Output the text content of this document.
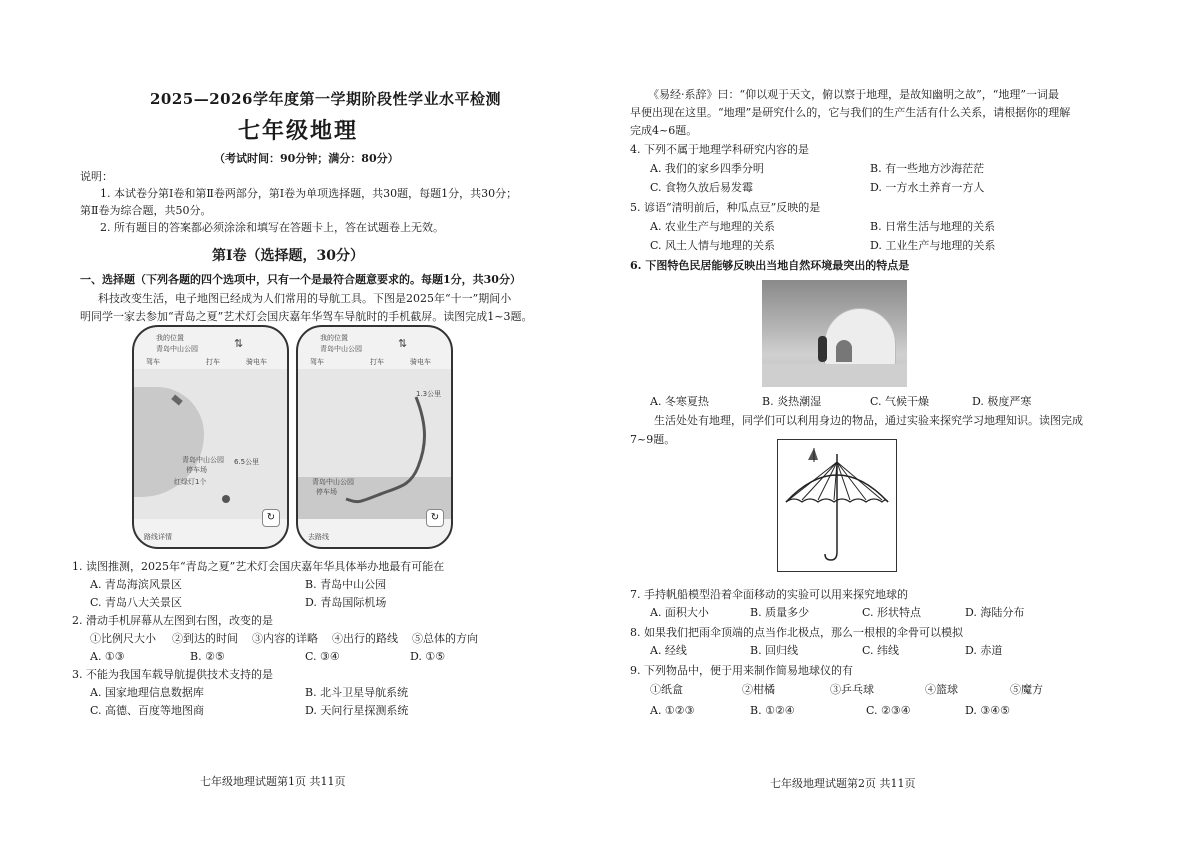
2025—2026学年度第一学期阶段性学业水平检测
七年级地理
（考试时间：90分钟；满分：80分）
说明：
1. 本试卷分第Ⅰ卷和第Ⅱ卷两部分，第Ⅰ卷为单项选择题，共30题，每题1分，共30分；
第Ⅱ卷为综合题，共50分。
2. 所有题目的答案都必须涂涂和填写在答题卡上，答在试题卷上无效。
第Ⅰ卷（选择题，30分）
一、选择题（下列各题的四个选项中，只有一个是最符合题意要求的。每题1分，共30分）
科技改变生活，电子地图已经成为人们常用的导航工具。下图是2025年“十一”期间小
明同学一家去参加“青岛之夏”艺术灯会国庆嘉年华驾车导航时的手机截屏。读图完成1~3题。
我的位置
青岛中山公园	⇅
驾车	打车	骑电车
青岛中山公园
停车场
6.5公里
红绿灯1个
路线详情
↻
我的位置
青岛中山公园	⇅
驾车	打车	骑电车
1.3公里
青岛中山公园
停车场
去路线
↻
1. 读图推测，2025年“青岛之夏”艺术灯会国庆嘉年华具体举办地最有可能在
A. 青岛海滨风景区	B. 青岛中山公园
C. 青岛八大关景区	D. 青岛国际机场
2. 滑动手机屏幕从左图到右图，改变的是
①比例尺大小 ②到达的时间 ③内容的详略 ④出行的路线 ⑤总体的方向
A. ①③	B. ②⑤	C. ③④	D. ①⑤
3. 不能为我国车载导航提供技术支持的是
A. 国家地理信息数据库	B. 北斗卫星导航系统
C. 高德、百度等地图商	D. 天问行星探测系统
七年级地理试题第1页 共11页
《易经·系辞》曰：“仰以观于天文，俯以察于地理，是故知幽明之故”，“地理”一词最
早便出现在这里。“地理”是研究什么的，它与我们的生产生活有什么关系，请根据你的理解
完成4~6题。
4. 下列不属于地理学科研究内容的是
A. 我们的家乡四季分明	B. 有一些地方沙海茫茫
C. 食物久放后易发霉	D. 一方水土养育一方人
5. 谚语“清明前后，种瓜点豆”反映的是
A. 农业生产与地理的关系	B. 日常生活与地理的关系
C. 风土人情与地理的关系	D. 工业生产与地理的关系
6. 下图特色民居能够反映出当地自然环境最突出的特点是
A. 冬寒夏热	B. 炎热潮湿	C. 气候干燥	D. 极度严寒
生活处处有地理，同学们可以利用身边的物品，通过实验来探究学习地理知识。读图完成
7~9题。
7. 手持帆船模型沿着伞面移动的实验可以用来探究地球的
A. 面积大小	B. 质量多少	C. 形状特点	D. 海陆分布
8. 如果我们把雨伞顶端的点当作北极点，那么一根根的伞骨可以模拟
A. 经线	B. 回归线	C. 纬线	D. 赤道
9. 下列物品中，便于用来制作简易地球仪的有
①纸盒	②柑橘	③乒乓球	④篮球	⑤魔方
A. ①②③	B. ①②④	C. ②③④	D. ③④⑤
七年级地理试题第2页 共11页
